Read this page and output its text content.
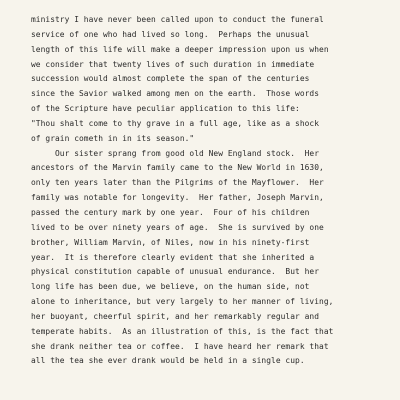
ministry I have never been called upon to conduct the funeral
service of one who had lived so long.  Perhaps the unusual
length of this life will make a deeper impression upon us when
we consider that twenty lives of such duration in immediate
succession would almost complete the span of the centuries
since the Savior walked among men on the earth.  Those words
of the Scripture have peculiar application to this life:
"Thou shalt come to thy grave in a full age, like as a shock
of grain cometh in in its season."
Our sister sprang from good old New England stock.  Her
ancestors of the Marvin family came to the New World in 1630,
only ten years later than the Pilgrims of the Mayflower.  Her
family was notable for longevity.  Her father, Joseph Marvin,
passed the century mark by one year.  Four of his children
lived to be over ninety years of age.  She is survived by one
brother, William Marvin, of Niles, now in his ninety-first
year.  It is therefore clearly evident that she inherited a
physical constitution capable of unusual endurance.  But her
long life has been due, we believe, on the human side, not
alone to inheritance, but very largely to her manner of living,
her buoyant, cheerful spirit, and her remarkably regular and
temperate habits.  As an illustration of this, is the fact that
she drank neither tea or coffee.  I have heard her remark that
all the tea she ever drank would be held in a single cup.
